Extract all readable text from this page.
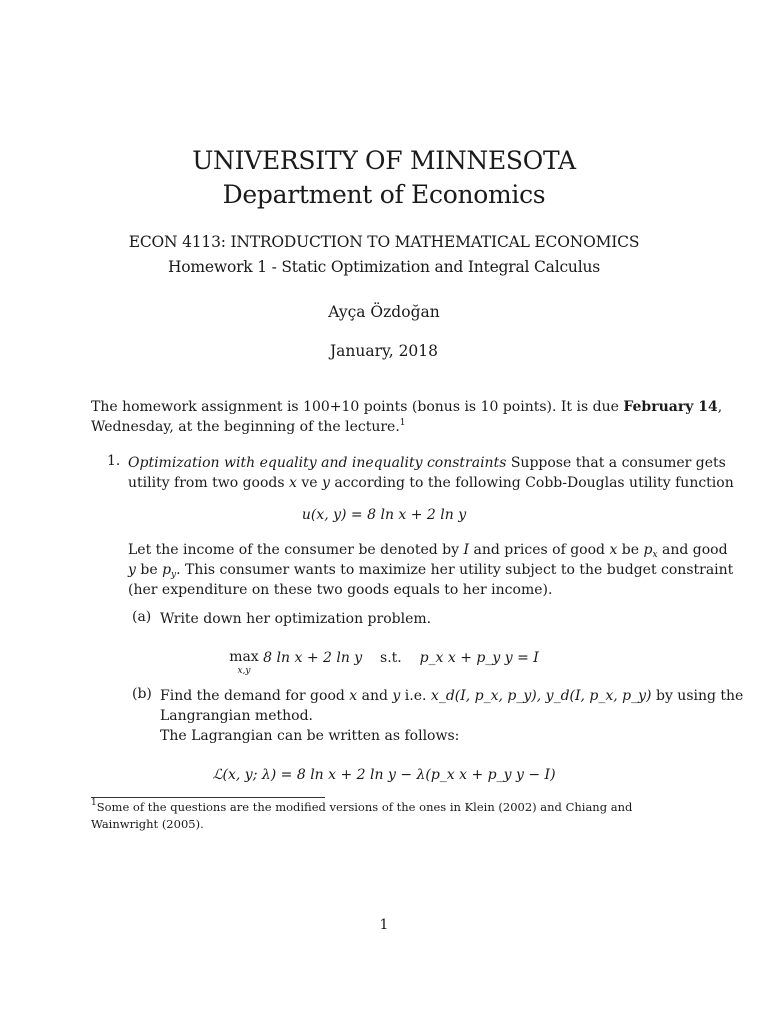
UNIVERSITY OF MINNESOTA
Department of Economics
ECON 4113: INTRODUCTION TO MATHEMATICAL ECONOMICS
Homework 1 - Static Optimization and Integral Calculus
Ayça Özdoğan
January, 2018
The homework assignment is 100+10 points (bonus is 10 points). It is due February 14,
Wednesday, at the beginning of the lecture.$^1$
1. Optimization with equality and inequality constraints Suppose that a consumer gets
utility from two goods x ve y according to the following Cobb-Douglas utility function
u(x, y) = 8 ln x + 2 ln y
Let the income of the consumer be denoted by I and prices of good x be $p_x$ and good
y be $p_y$. This consumer wants to maximize her utility subject to the budget constraint
(her expenditure on these two goods equals to her income).
(a) Write down her optimization problem.
max
x,y
8 ln x + 2 ln y s.t. p_x x + p_y y = I
(b) Find the demand for good x and y i.e. x_d(I, p_x, p_y), y_d(I, p_x, p_y) by using the
Langrangian method.
The Lagrangian can be written as follows:
ℒ(x, y; λ) = 8 ln x + 2 ln y − λ(p_x x + p_y y − I)
$^1$Some of the questions are the modified versions of the ones in Klein (2002) and Chiang and Wainwright (2005).
1
